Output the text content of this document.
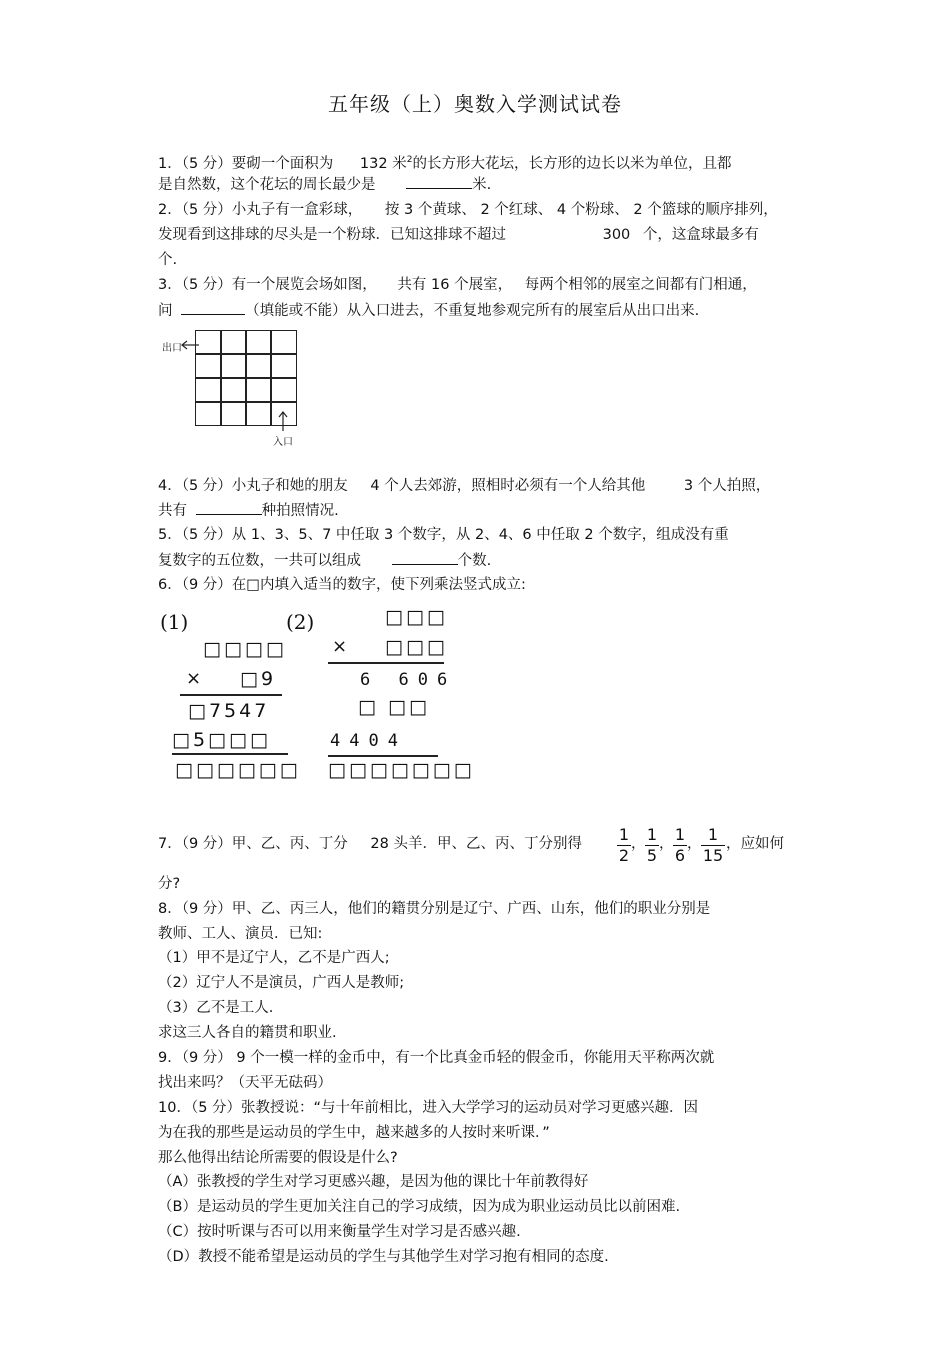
五年级（上）奥数入学测试试卷
1．（5 分）要砌一个面积为 132 米$^2$的长方形大花坛，长方形的边长以米为单位，且都
是自然数，这个花坛的周长最少是	米.
2．（5 分）小丸子有一盒彩球， 按 3 个黄球、 2 个红球、 4 个粉球、 2 个篮球的顺序排列，
发现看到这排球的尽头是一个粉球．已知这排球不超过	300 个，这盒球最多有
个.
3．（5 分）有一个展览会场如图， 共有 16 个展室， 每两个相邻的展室之间都有门相通，
问	（填能或不能）从入口进去，不重复地参观完所有的展室后从出口出来.
出口
入口
4．（5 分）小丸子和她的朋友 4 个人去郊游，照相时必须有一个人给其他	3 个人拍照，
共有	种拍照情况.
5．（5 分）从 1、3、5、7 中任取 3 个数字，从 2、4、6 中任取 2 个数字，组成没有重
复数字的五位数，一共可以组成	个数.
6．（9 分）在□内填入适当的数字，使下列乘法竖式成立:
(1)
□□□□
× □9
□7547
□5□□□
□□□□□□
(2)	□□□
× □□□
6 606
□ □□
4404
□□□□□□□
7．（9 分）甲、乙、丙、丁分 28 头羊．甲、乙、丙、丁分别得 1
2
， 1
5
， 1
6
， 1
15
，应如何
分?
8．（9 分）甲、乙、丙三人，他们的籍贯分别是辽宁、广西、山东，他们的职业分别是
教师、工人、演员．已知:
（1）甲不是辽宁人，乙不是广西人;
（2）辽宁人不是演员，广西人是教师;
（3）乙不是工人.
求这三人各自的籍贯和职业.
9．（9 分） 9 个一模一样的金币中，有一个比真金币轻的假金币，你能用天平称两次就
找出来吗？（天平无砝码）
10．（5 分）张教授说：“与十年前相比，进入大学学习的运动员对学习更感兴趣．因
为在我的那些是运动员的学生中，越来越多的人按时来听课．”
那么他得出结论所需要的假设是什么?
（A）张教授的学生对学习更感兴趣，是因为他的课比十年前教得好
（B）是运动员的学生更加关注自己的学习成绩，因为成为职业运动员比以前困难.
（C）按时听课与否可以用来衡量学生对学习是否感兴趣.
（D）教授不能希望是运动员的学生与其他学生对学习抱有相同的态度.
